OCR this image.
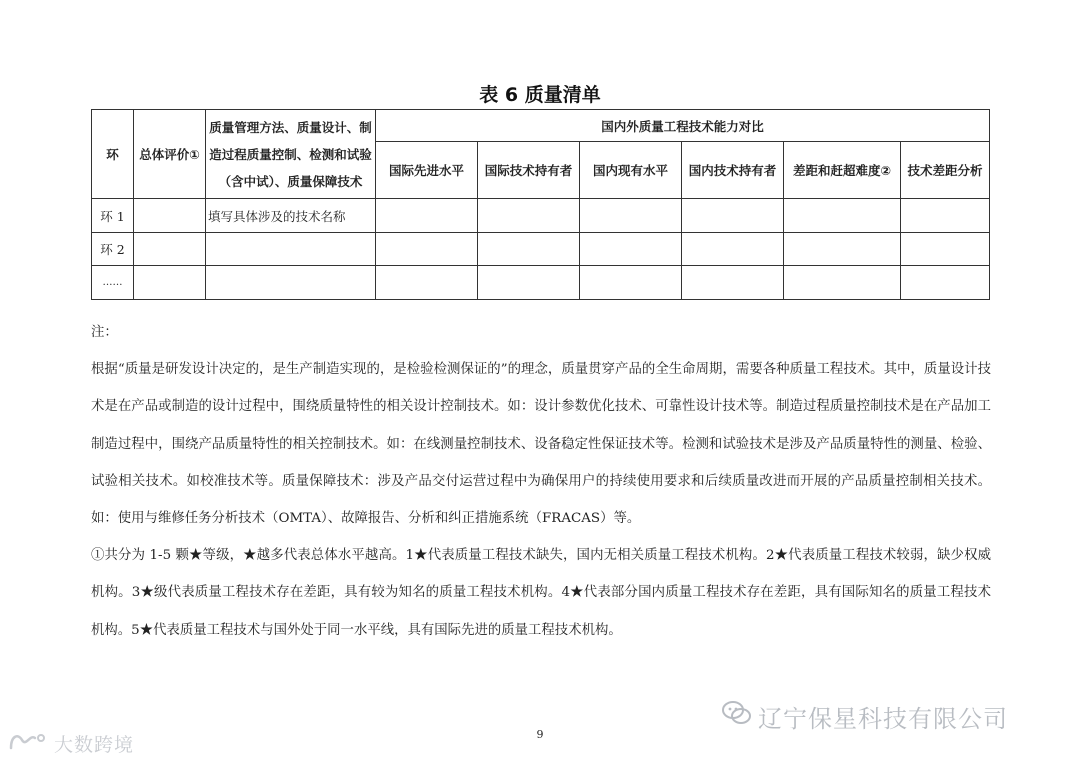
表 6 质量清单
环	总体评价①	质量管理方法、质量设计、制
造过程质量控制、检测和试验
（含中试）、质量保障技术	国内外质量工程技术能力对比					
			国际先进水平	国际技术持有者	国内现有水平	国内技术持有者	差距和赶超难度②	技术差距分析
环 1		填写具体涉及的技术名称						
环 2								
……								

注：

根据“质量是研发设计决定的，是生产制造实现的，是检验检测保证的”的理念，质量贯穿产品的全生命周期，需要各种质量工程技术。其中，质量设计技术是在产品或制造的设计过程中，围绕质量特性的相关设计控制技术。如：设计参数优化技术、可靠性设计技术等。制造过程质量控制技术是在产品加工制造过程中，围绕产品质量特性的相关控制技术。如：在线测量控制技术、设备稳定性保证技术等。检测和试验技术是涉及产品质量特性的测量、检验、试验相关技术。如校准技术等。质量保障技术：涉及产品交付运营过程中为确保用户的持续使用要求和后续质量改进而开展的产品质量控制相关技术。如：使用与维修任务分析技术（OMTA）、故障报告、分析和纠正措施系统（FRACAS）等。

①共分为 1-5 颗★等级，★越多代表总体水平越高。1★代表质量工程技术缺失，国内无相关质量工程技术机构。2★代表质量工程技术较弱，缺少权威机构。3★级代表质量工程技术存在差距，具有较为知名的质量工程技术机构。4★代表部分国内质量工程技术存在差距，具有国际知名的质量工程技术机构。5★代表质量工程技术与国外处于同一水平线，具有国际先进的质量工程技术机构。

9
辽宁保星科技有限公司
大数跨境
